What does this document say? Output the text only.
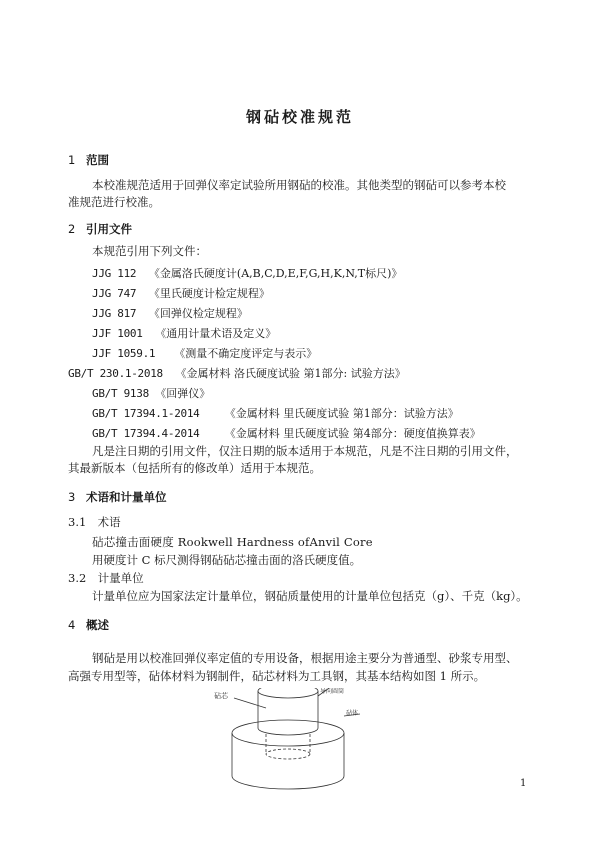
钢砧校准规范
1 范围
本校准规范适用于回弹仪率定试验所用钢砧的校准。其他类型的钢砧可以参考本校
准规范进行校准。
2 引用文件
本规范引用下列文件：
JJG 112 《金属洛氏硬度计(A,B,C,D,E,F,G,H,K,N,T标尺)》
JJG 747 《里氏硬度计检定规程》
JJG 817 《回弹仪检定规程》
JJF 1001 《通用计量术语及定义》
JJF 1059.1 《测量不确定度评定与表示》
GB/T 230.1-2018 《金属材料 洛氏硬度试验 第1部分: 试验方法》
GB/T 9138 《回弹仪》
GB/T 17394.1-2014 《金属材料 里氏硬度试验 第1部分：试验方法》
GB/T 17394.4-2014 《金属材料 里氏硬度试验 第4部分：硬度值换算表》
凡是注日期的引用文件，仅注日期的版本适用于本规范，凡是不注日期的引用文件，
其最新版本（包括所有的修改单）适用于本规范。
3 术语和计量单位
3.1 术语
砧芯撞击面硬度 Rookwell Hardness ofAnvil Core
用硬度计 C 标尺测得钢砧砧芯撞击面的洛氏硬度值。
3.2 计量单位
计量单位应为国家法定计量单位，钢砧质量使用的计量单位包括克（g）、千克（kg）。
4 概述
钢砧是用以校准回弹仪率定值的专用设备，根据用途主要分为普通型、砂浆专用型、
高强专用型等，砧体材料为钢制件，砧芯材料为工具钢，其基本结构如图 1 所示。
砧芯
导向圆筒
砧体
1
